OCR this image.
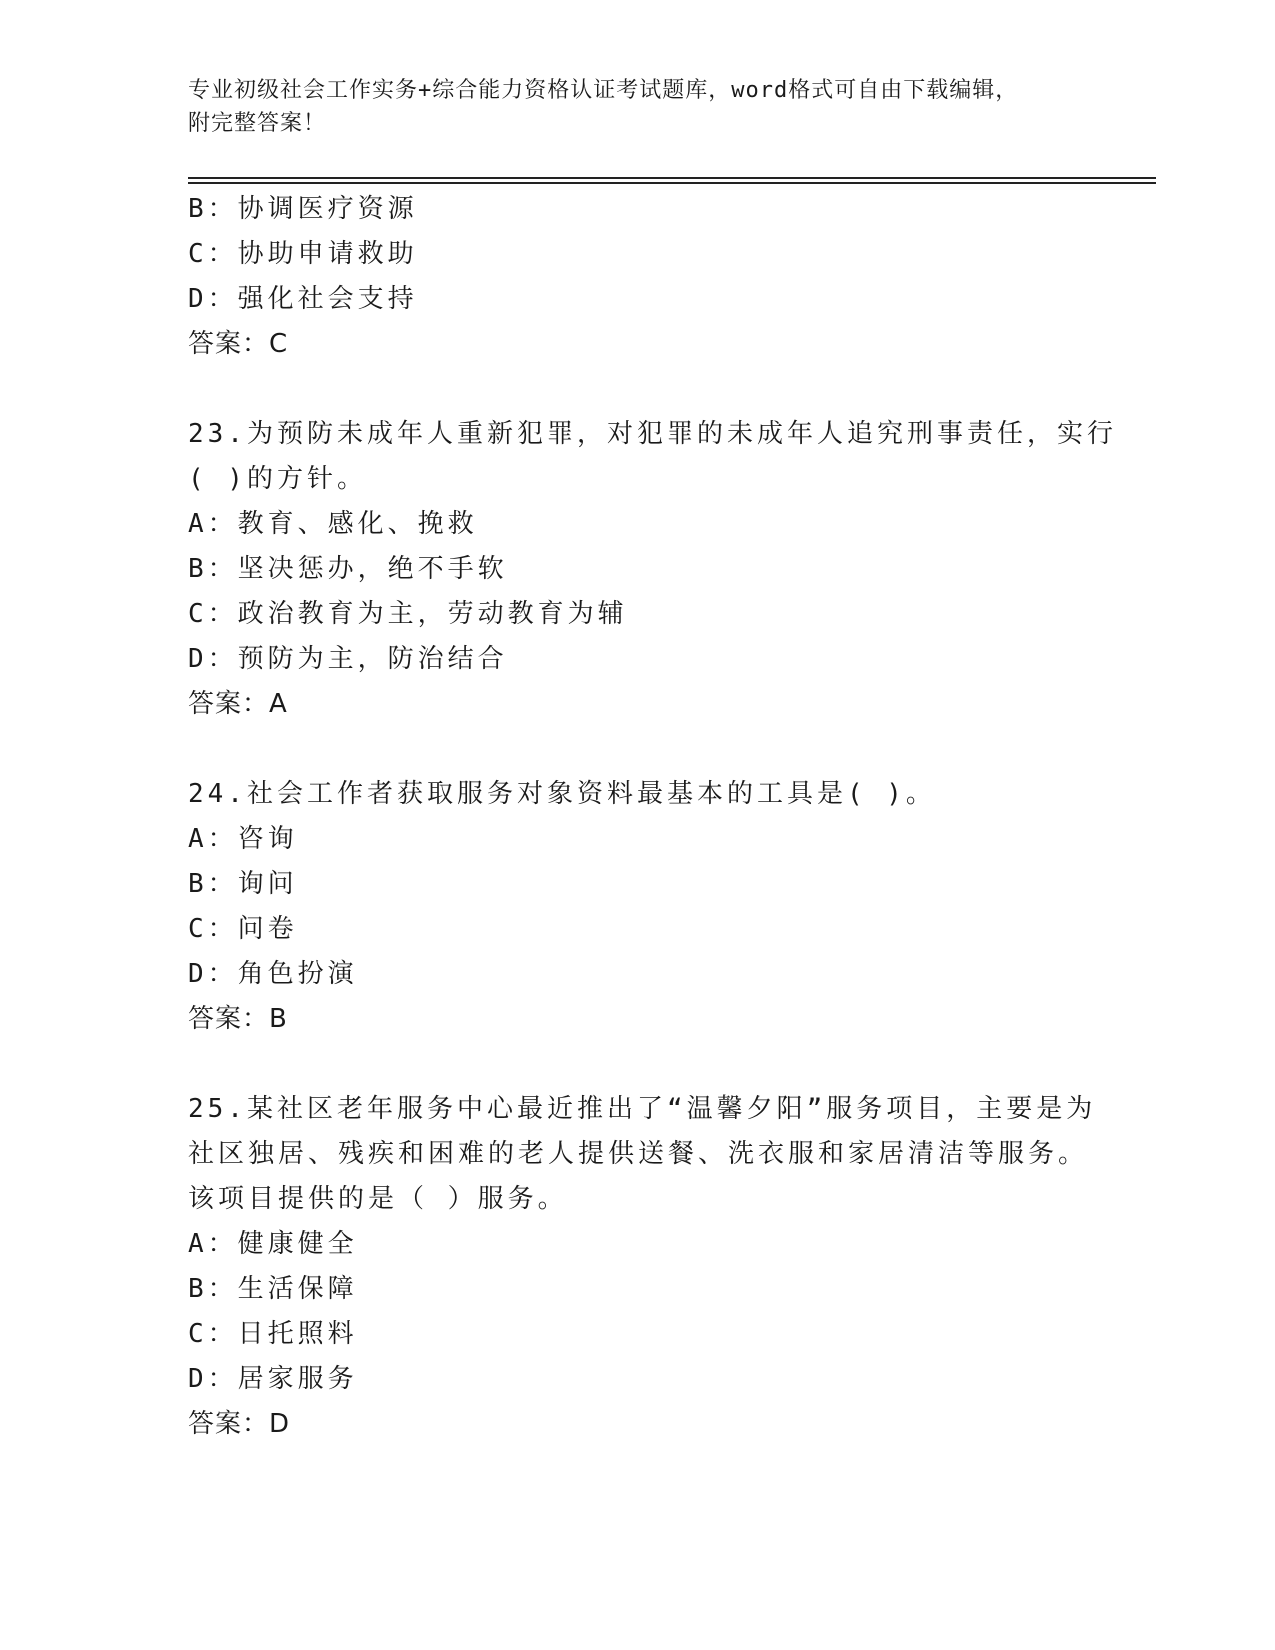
专业初级社会工作实务+综合能力资格认证考试题库，word格式可自由下载编辑，
附完整答案！
B：协调医疗资源
C：协助申请救助
D：强化社会支持
答案：C
23.为预防未成年人重新犯罪，对犯罪的未成年人追究刑事责任，实行
( )的方针。
A：教育、感化、挽救
B：坚决惩办，绝不手软
C：政治教育为主，劳动教育为辅
D：预防为主，防治结合
答案：A
24.社会工作者获取服务对象资料最基本的工具是( )。
A：咨询
B：询问
C：问卷
D：角色扮演
答案：B
25.某社区老年服务中心最近推出了“温馨夕阳”服务项目，主要是为
社区独居、残疾和困难的老人提供送餐、洗衣服和家居清洁等服务。
该项目提供的是（ ）服务。
A：健康健全
B：生活保障
C：日托照料
D：居家服务
答案：D
